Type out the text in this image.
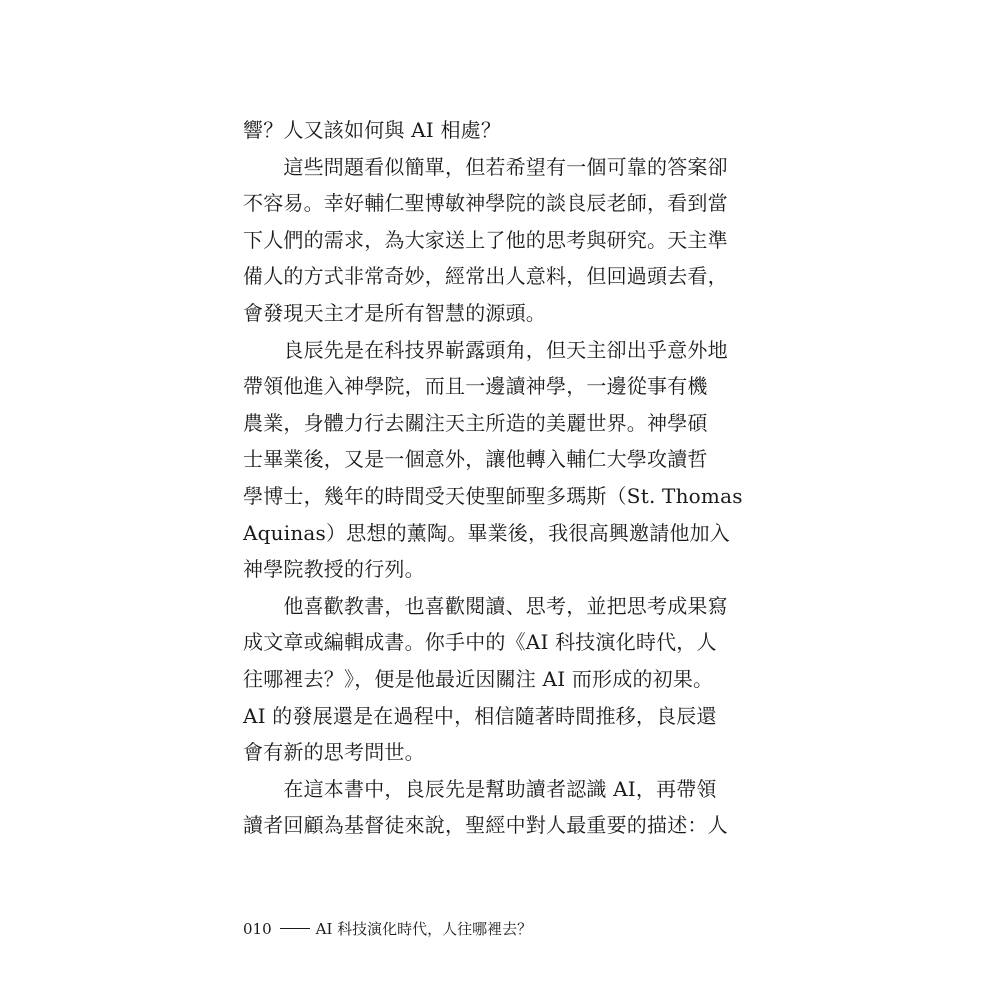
響？人又該如何與 AI 相處？
　　這些問題看似簡單，但若希望有一個可靠的答案卻
不容易。幸好輔仁聖博敏神學院的談良辰老師，看到當
下人們的需求，為大家送上了他的思考與研究。天主準
備人的方式非常奇妙，經常出人意料，但回過頭去看，
會發現天主才是所有智慧的源頭。
　　良辰先是在科技界嶄露頭角，但天主卻出乎意外地
帶領他進入神學院，而且一邊讀神學，一邊從事有機
農業，身體力行去關注天主所造的美麗世界。神學碩
士畢業後，又是一個意外，讓他轉入輔仁大學攻讀哲
學博士，幾年的時間受天使聖師聖多瑪斯（St. Thomas
Aquinas）思想的薰陶。畢業後，我很高興邀請他加入
神學院教授的行列。
　　他喜歡教書，也喜歡閱讀、思考，並把思考成果寫
成文章或編輯成書。你手中的《AI 科技演化時代，人
往哪裡去？》，便是他最近因關注 AI 而形成的初果。
AI 的發展還是在過程中，相信隨著時間推移，良辰還
會有新的思考問世。
　　在這本書中，良辰先是幫助讀者認識 AI，再帶領
讀者回顧為基督徒來說，聖經中對人最重要的描述：人
010	AI 科技演化時代，人往哪裡去？
